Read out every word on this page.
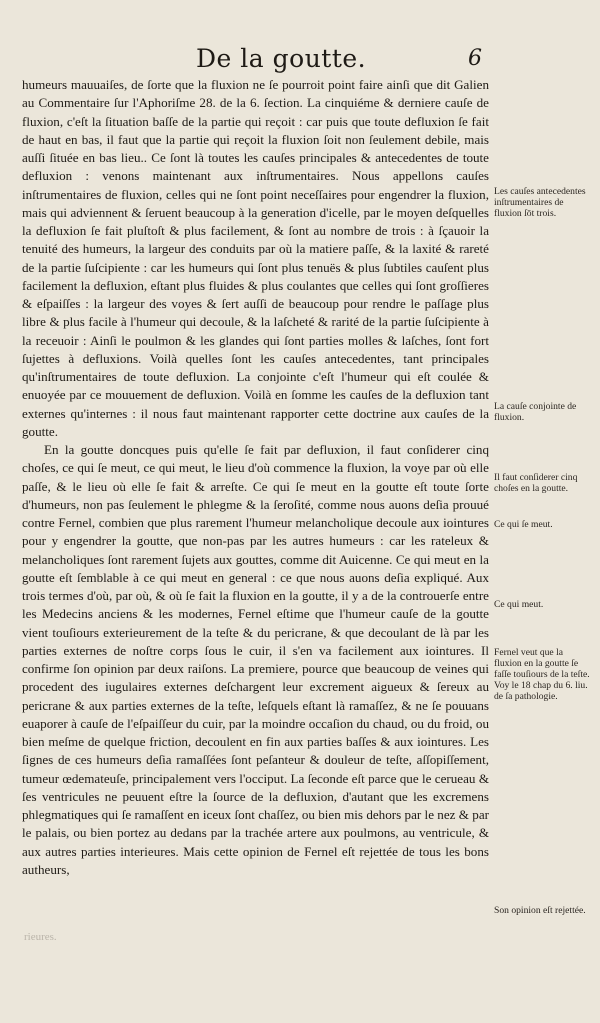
De la goutte.	6

humeurs mauuaiſes, de ſorte que la fluxion ne ſe pourroit point faire ainſi que dit Galien au Commentaire ſur l'Aphoriſme 28. de la 6. ſection. La cinquiéme & derniere cauſe de fluxion, c'eſt la ſituation baſſe de la partie qui reçoit : car puis que toute defluxion ſe fait de haut en bas, il faut que la partie qui reçoit la fluxion ſoit non ſeulement debile, mais auſſi ſituée en bas lieu.. Ce ſont là toutes les cauſes principales & antecedentes de toute defluxion : venons maintenant aux inſtrumentaires. Nous appellons cauſes inſtrumentaires de fluxion, celles qui ne ſont point neceſſaires pour engendrer la fluxion, mais qui adviennent & ſeruent beaucoup à la generation d'icelle, par le moyen deſquelles la defluxion ſe fait pluſtoſt & plus facilement, & ſont au nombre de trois : à ſçauoir la tenuité des humeurs, la largeur des conduits par où la matiere paſſe, & la laxité & rareté de la partie ſuſcipiente : car les humeurs qui ſont plus tenuës & plus ſubtiles cauſent plus facilement la defluxion, eſtant plus fluides & plus coulantes que celles qui ſont groſſieres & eſpaiſſes : la largeur des voyes & ſert auſſi de beaucoup pour rendre le paſſage plus libre & plus facile à l'humeur qui decoule, & la laſcheté & rarité de la partie ſuſcipiente à la receuoir : Ainſi le poulmon & les glandes qui ſont parties molles & laſches, ſont fort ſujettes à defluxions. Voilà quelles ſont les cauſes antecedentes, tant principales qu'inſtrumentaires de toute defluxion. La conjointe c'eſt l'humeur qui eſt coulée & enuoyée par ce mouuement de defluxion. Voilà en ſomme les cauſes de la defluxion tant externes qu'internes : il nous faut maintenant rapporter cette doctrine aux cauſes de la goutte.

En la goutte doncques puis qu'elle ſe fait par defluxion, il faut conſiderer cinq choſes, ce qui ſe meut, ce qui meut, le lieu d'où commence la fluxion, la voye par où elle paſſe, & le lieu où elle ſe fait & arreſte. Ce qui ſe meut en la goutte eſt toute ſorte d'humeurs, non pas ſeulement le phlegme & la ſeroſité, comme nous auons deſia prouué contre Fernel, combien que plus rarement l'humeur melancholique decoule aux iointures pour y engendrer la goutte, que non-pas par les autres humeurs : car les rateleux & melancholiques ſont rarement ſujets aux gouttes, comme dit Auicenne. Ce qui meut en la goutte eſt ſemblable à ce qui meut en general : ce que nous auons deſia expliqué. Aux trois termes d'où, par où, & où ſe fait la fluxion en la goutte, il y a de la controuerſe entre les Medecins anciens & les modernes, Fernel eſtime que l'humeur cauſe de la goutte vient touſiours exterieurement de la teſte & du pericrane, & que decoulant de là par les parties externes de noſtre corps ſous le cuir, il s'en va facilement aux iointures. Il confirme ſon opinion par deux raiſons. La premiere, pource que beaucoup de veines qui procedent des iugulaires externes deſchargent leur excrement aigueux & ſereux au pericrane & aux parties externes de la teſte, leſquels eſtant là ramaſſez, & ne ſe pouuans euaporer à cauſe de l'eſpaiſſeur du cuir, par la moindre occaſion du chaud, ou du froid, ou bien meſme de quelque friction, decoulent en fin aux parties baſſes & aux iointures. Les ſignes de ces humeurs deſia ramaſſées ſont peſanteur & douleur de teſte, aſſopiſſement, tumeur œdemateuſe, principalement vers l'occiput. La ſeconde eſt parce que le cerueau & ſes ventricules ne peuuent eſtre la ſource de la defluxion, d'autant que les excremens phlegmatiques qui ſe ramaſſent en iceux ſont chaſſez, ou bien mis dehors par le nez & par le palais, ou bien portez au dedans par la trachée artere aux poulmons, au ventricule, & aux autres parties interieures. Mais cette opinion de Fernel eſt rejettée de tous les bons autheurs,

Les cauſes antecedentes inſtrumentaires de fluxion ſōt trois.
La cauſe conjointe de fluxion.
Il faut conſiderer cinq choſes en la goutte.
Ce qui ſe meut.
Ce qui meut.
Fernel veut que la fluxion en la goutte ſe faſſe touſiours de la teſte. Voy le 18 chap du 6. liu. de ſa pathologie.
Son opinion eſt rejettée.
rieures.
